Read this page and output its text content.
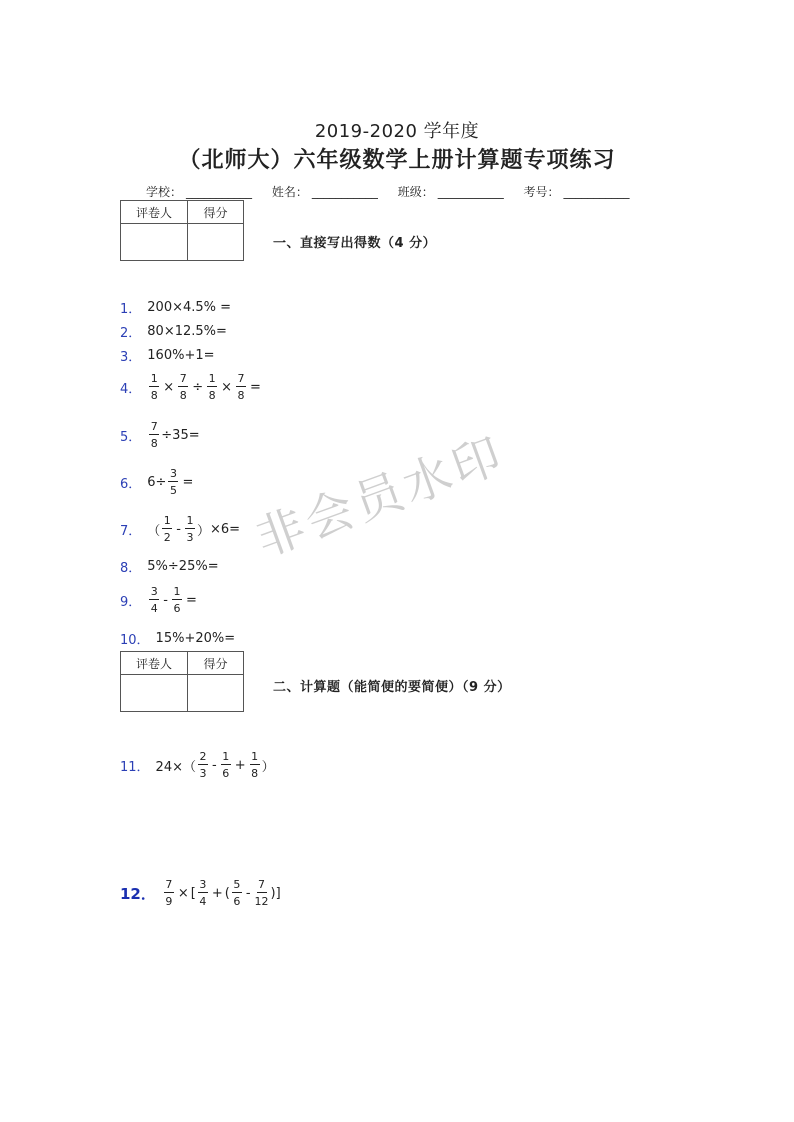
2019-2020 学年度
（北师大）六年级数学上册计算题专项练习
学校： ___________ 姓名： ___________ 班级： ___________ 考号： ___________
评卷人	得分

一、直接写出得数（4 分）
1． 200×4.5% =
2． 80×12.5%=
3． 160%+1=
4． $\frac{1}{8} \times \frac{7}{8} \div \frac{1}{8} \times \frac{7}{8}$ =
5． $\frac{7}{8} \div 35=$
6． $6\div \frac{3}{5}$ =
7． （ $\frac{1}{2} - \frac{1}{3}$ ） ×6=
8． 5%÷25%=
9． $\frac{3}{4} - \frac{1}{6}$ =
10． 15%+20%=
评卷人	得分

二、计算题（能简便的要简便）（9 分）
11． $24\times( \frac{2}{3} - \frac{1}{6} + \frac{1}{8}$ ）
12． $\frac{7}{9}$ × [ $\frac{3}{4}$ + ( $\frac{5}{6} - \frac{7}{12}$ )]
非会员水印
